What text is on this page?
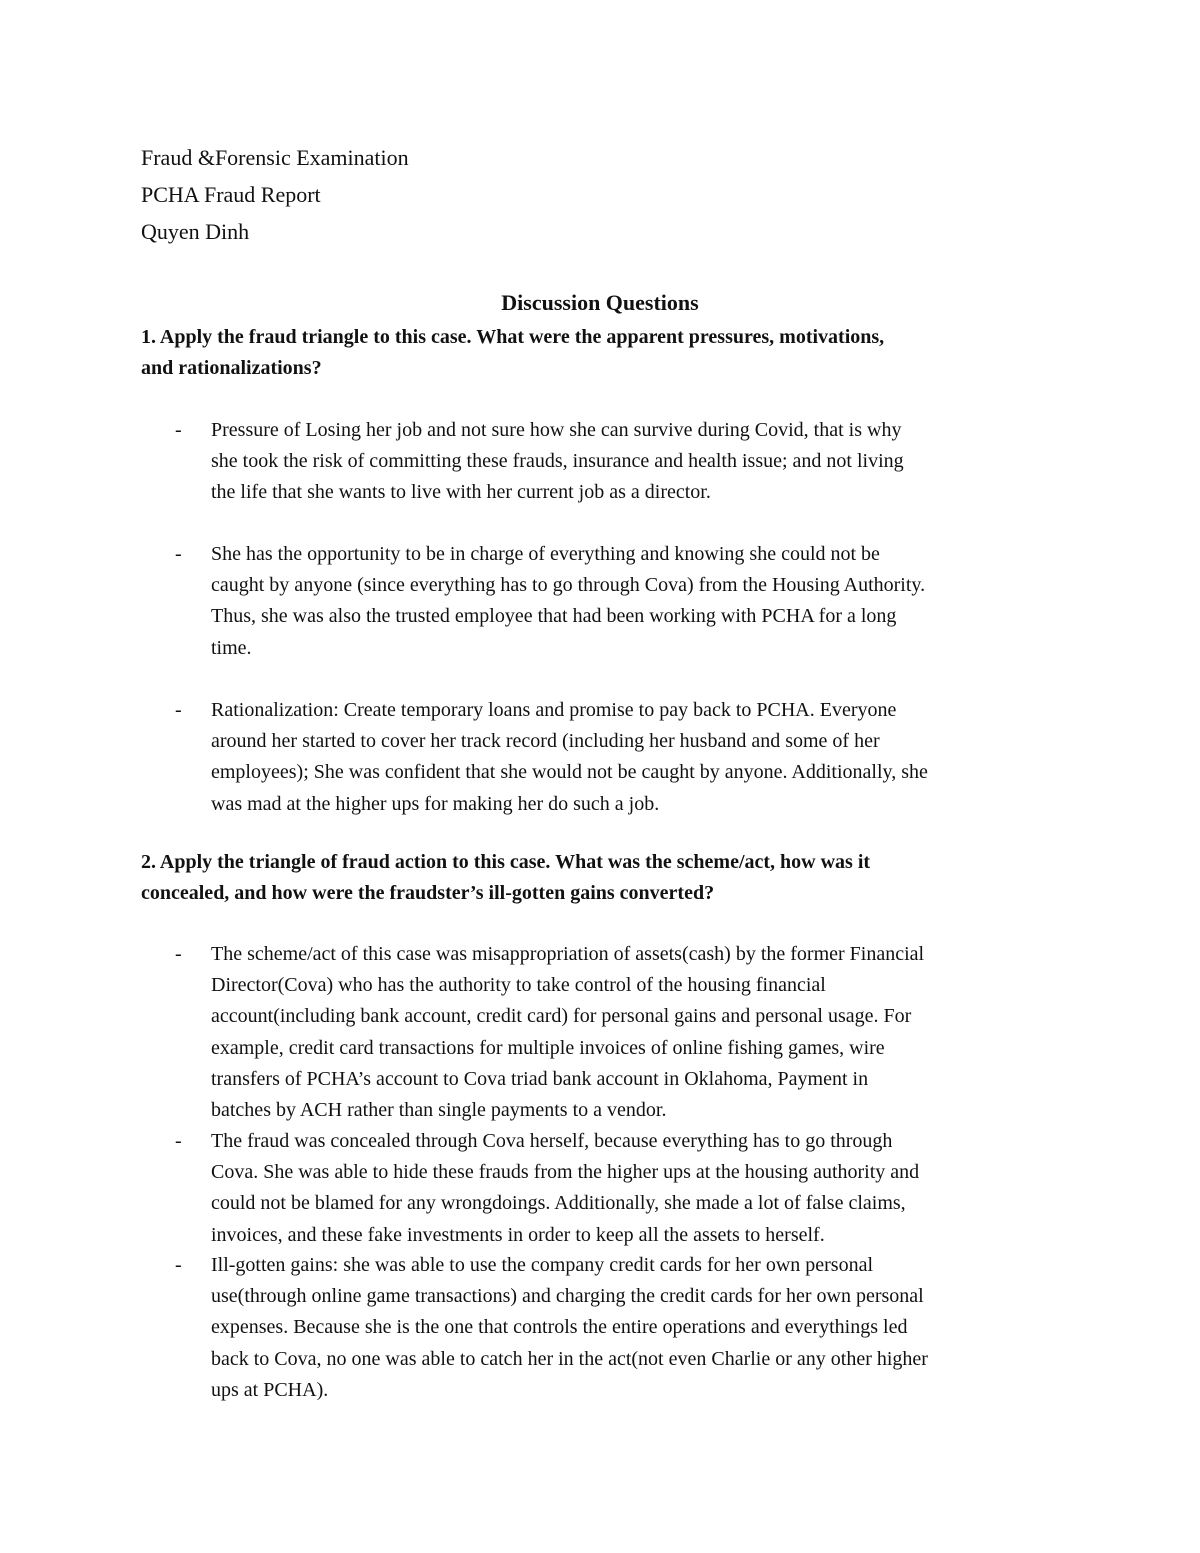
Fraud &Forensic Examination
PCHA Fraud Report
Quyen Dinh
Discussion Questions
1. Apply the fraud triangle to this case. What were the apparent pressures, motivations,
and rationalizations?
- Pressure of Losing her job and not sure how she can survive during Covid, that is why
she took the risk of committing these frauds, insurance and health issue; and not living
the life that she wants to live with her current job as a director.
- She has the opportunity to be in charge of everything and knowing she could not be
caught by anyone (since everything has to go through Cova) from the Housing Authority.
Thus, she was also the trusted employee that had been working with PCHA for a long
time.
- Rationalization: Create temporary loans and promise to pay back to PCHA. Everyone
around her started to cover her track record (including her husband and some of her
employees); She was confident that she would not be caught by anyone. Additionally, she
was mad at the higher ups for making her do such a job.
2. Apply the triangle of fraud action to this case. What was the scheme/act, how was it
concealed, and how were the fraudster’s ill-gotten gains converted?
- The scheme/act of this case was misappropriation of assets(cash) by the former Financial
Director(Cova) who has the authority to take control of the housing financial
account(including bank account, credit card) for personal gains and personal usage. For
example, credit card transactions for multiple invoices of online fishing games, wire
transfers of PCHA’s account to Cova triad bank account in Oklahoma, Payment in
batches by ACH rather than single payments to a vendor.
- The fraud was concealed through Cova herself, because everything has to go through
Cova. She was able to hide these frauds from the higher ups at the housing authority and
could not be blamed for any wrongdoings. Additionally, she made a lot of false claims,
invoices, and these fake investments in order to keep all the assets to herself.
- Ill-gotten gains: she was able to use the company credit cards for her own personal
use(through online game transactions) and charging the credit cards for her own personal
expenses. Because she is the one that controls the entire operations and everythings led
back to Cova, no one was able to catch her in the act(not even Charlie or any other higher
ups at PCHA).
